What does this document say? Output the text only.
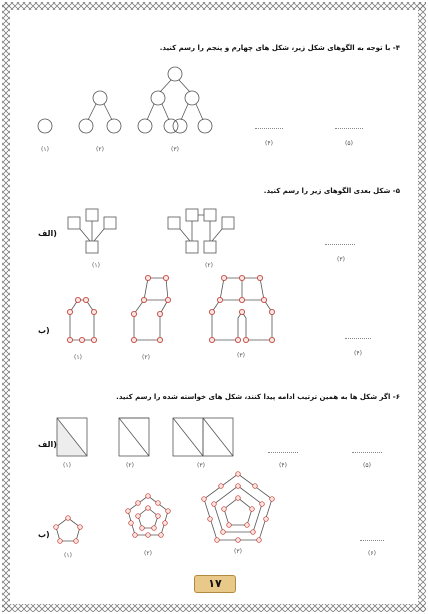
۴- با توجه به الگوهای شکل زیر، شکل های چهارم و پنجم را رسم کنید.
(۱)	(۲)	(۳)
(۴)	(۵)
۵- شکل بعدی الگوهای زیر را رسم کنید.
(الف
(۱)	(۲)
(۳)
(ب
(۱)	(۲)	(۳)	(۴)
۶- اگر شکل ها به همین ترتیب ادامه پیدا کنند، شکل های خواسته شده را رسم کنید.
(الف
(۱)	(۲)	(۳)	(۴)	(۵)
(ب
(۱)	(۲)	(۳)	(۶)
۱۷
